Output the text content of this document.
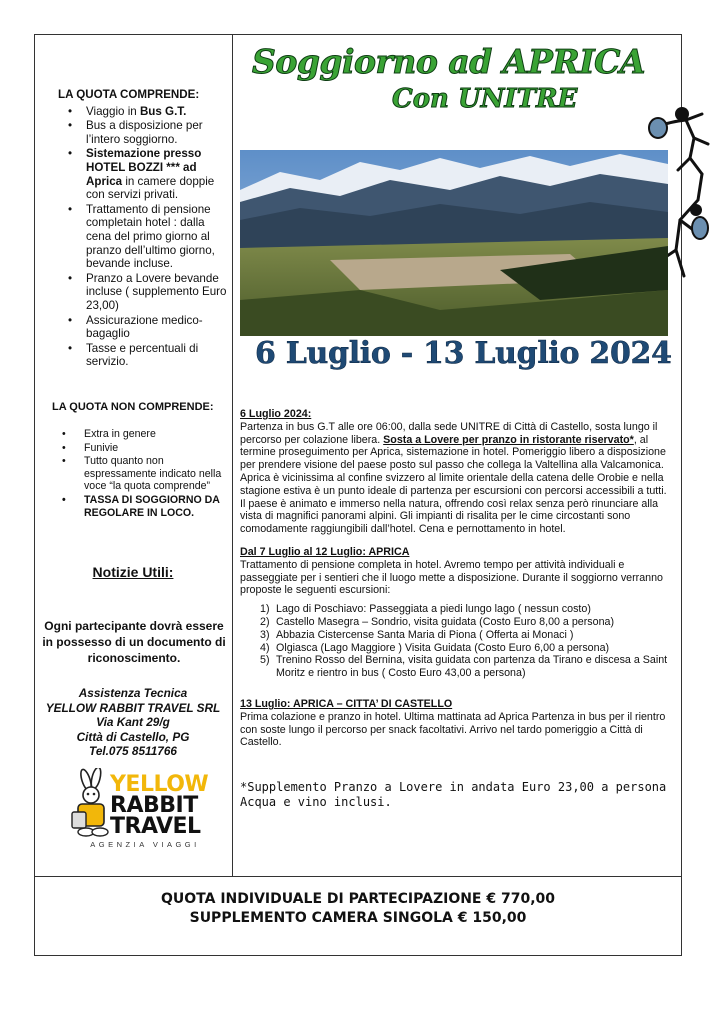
LA QUOTA COMPRENDE:
• Viaggio in Bus G.T.
• Bus a disposizione per l’intero soggiorno.
• Sistemazione presso HOTEL BOZZI *** ad Aprica in camere doppie con servizi privati.
• Trattamento di pensione completain hotel : dalla cena del primo giorno al pranzo dell’ultimo giorno, bevande incluse.
• Pranzo a Lovere bevande incluse ( supplemento Euro 23,00)
• Assicurazione medico-bagaglio
• Tasse e percentuali di servizio.
LA QUOTA NON COMPRENDE:
• Extra in genere
• Funivie
• Tutto quanto non espressamente indicato nella voce “la quota comprende”
• TASSA DI SOGGIORNO DA REGOLARE IN LOCO.
Notizie Utili:
Ogni partecipante dovrà essere in possesso di un documento di riconoscimento.
Assistenza Tecnica
YELLOW RABBIT TRAVEL SRL
Via Kant 29/g
Città di Castello, PG
Tel.075 8511766
YELLOW
RABBIT
TRAVEL
AGENZIA VIAGGI
Soggiorno ad APRICA
Con UNITRE
6 Luglio - 13 Luglio 2024
6 Luglio 2024:
Partenza in bus G.T alle ore 06:00, dalla sede UNITRE di Città di Castello, sosta lungo il percorso per colazione libera. Sosta a Lovere per pranzo in ristorante riservato*, al termine proseguimento per Aprica, sistemazione in hotel. Pomeriggio libero a disposizione per prendere visione del paese posto sul passo che collega la Valtellina alla Valcamonica. Aprica è vicinissima al confine svizzero al limite orientale della catena delle Orobie e nella stagione estiva è un punto ideale di partenza per escursioni con percorsi accessibili a tutti. Il paese è animato e immerso nella natura, offrendo così relax senza però rinunciare alla vista di magnifici panorami alpini. Gli impianti di risalita per le cime circostanti sono comodamente raggiungibili dall’hotel. Cena e pernottamento in hotel.
Dal 7 Luglio al 12 Luglio: APRICA
Trattamento di pensione completa in hotel. Avremo tempo per attività individuali e passeggiate per i sentieri che il luogo mette a disposizione. Durante il soggiorno verranno proposte le seguenti escursioni:
1) Lago di Poschiavo: Passeggiata a piedi lungo lago ( nessun costo)
2) Castello Masegra – Sondrio, visita guidata (Costo Euro 8,00 a persona)
3) Abbazia Cistercense Santa Maria di Piona ( Offerta ai Monaci )
4) Olgiasca (Lago Maggiore ) Visita Guidata (Costo Euro 6,00 a persona)
5) Trenino Rosso del Bernina, visita guidata con partenza da Tirano e discesa a Saint Moritz e rientro in bus ( Costo Euro 43,00 a persona)
13 Luglio: APRICA – CITTA’ DI CASTELLO
Prima colazione e pranzo in hotel. Ultima mattinata ad Aprica Partenza in bus per il rientro con soste lungo il percorso per snack facoltativi. Arrivo nel tardo pomeriggio a Città di Castello.
*Supplemento Pranzo a Lovere in andata Euro 23,00 a persona
Acqua e vino inclusi.
QUOTA INDIVIDUALE DI PARTECIPAZIONE € 770,00
SUPPLEMENTO CAMERA SINGOLA € 150,00
